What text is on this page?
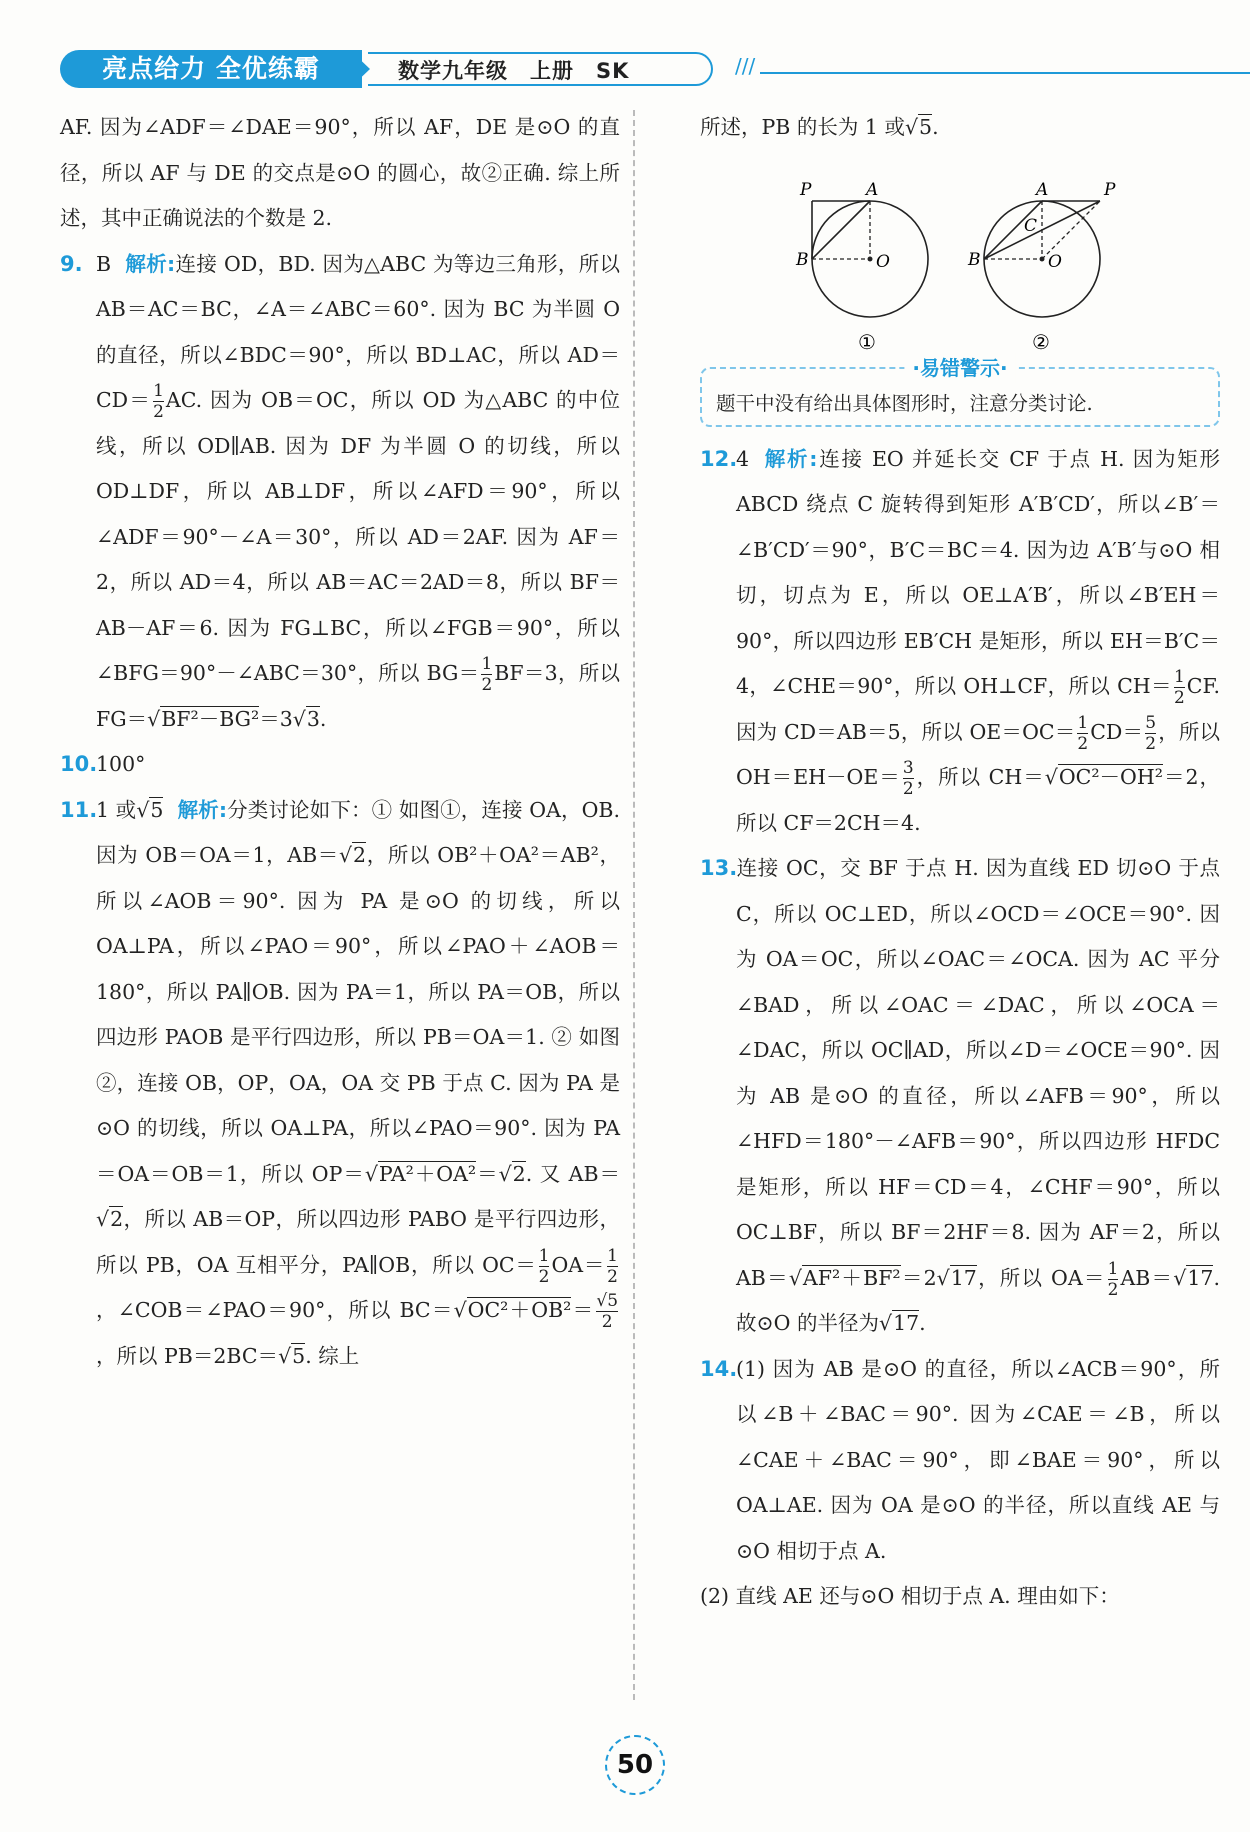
亮点给力 全优练霸	数学九年级　上册　SK	///

AF. 因为∠ADF＝∠DAE＝90°，所以 AF，DE 是⊙O 的直径，所以 AF 与 DE 的交点是⊙O 的圆心，故②正确. 综上所述，其中正确说法的个数是 2.

9. B 解析:连接 OD，BD. 因为△ABC 为等边三角形，所以 AB＝AC＝BC，∠A＝∠ABC＝60°. 因为 BC 为半圆 O 的直径，所以∠BDC＝90°，所以 BD⊥AC，所以 $AD=CD= \frac{1}{2}$ AC. 因为 OB＝OC，所以 OD 为△ABC 的中位线，所以 OD∥AB. 因为 DF 为半圆 O 的切线，所以 OD⊥DF，所以 AB⊥DF，所以∠AFD＝90°，所以∠ADF＝90°－∠A＝30°，所以 AD＝2AF. 因为 AF＝2，所以 AD＝4，所以 AB＝AC＝2AD＝8，所以 BF＝AB－AF＝6. 因为 FG⊥BC，所以∠FGB＝90°，所以∠BFG＝90°－∠ABC＝30°，所以 $BG= \frac{1}{2} BF=3$，所以 FG＝√BF²－BG²＝3√3.

10.100°

11.1 或√5 解析:分类讨论如下：① 如图①，连接 OA，OB. 因为 OB＝OA＝1，AB＝√2，所以 OB²＋OA²＝AB²，所以∠AOB＝90°. 因为 PA 是⊙O 的切线，所以 OA⊥PA，所以∠PAO＝90°，所以∠PAO＋∠AOB＝180°，所以 PA∥OB. 因为 PA＝1，所以 PA＝OB，所以四边形 PAOB 是平行四边形，所以 PB＝OA＝1. ② 如图②，连接 OB，OP，OA，OA 交 PB 于点 C. 因为 PA 是⊙O 的切线，所以 OA⊥PA，所以∠PAO＝90°. 因为 PA＝OA＝OB＝1，所以 OP＝√PA²＋OA²＝√2. 又 AB＝√2，所以 AB＝OP，所以四边形 PABO 是平行四边形，所以 PB，OA 互相平分，PA∥OB，所以 $OC= \frac{1}{2} OA= \frac{1}{2}$
，∠COB＝∠PAO＝90°，所以 $BC=√OC^2+OB^2= \frac{√5}{2}$
，所以 PB＝2BC＝√5. 综上

所述，PB 的长为 1 或√5.

P	A
B	O
①
A	P
C
B	O
②
·易错警示·
题干中没有给出具体图形时，注意分类讨论.

12.4 解析:连接 EO 并延长交 CF 于点 H. 因为矩形 ABCD 绕点 C 旋转得到矩形 A′B′CD′，所以∠B′＝∠B′CD′＝90°，B′C＝BC＝4. 因为边 A′B′与⊙O 相切，切点为 E，所以 OE⊥A′B′，所以∠B′EH＝90°，所以四边形 EB′CH 是矩形，所以 EH＝B′C＝4，∠CHE＝90°，所以 OH⊥CF，所以 $CH= \frac{1}{2}$ CF. 因为 CD＝AB＝5，所以 $OE=OC= \frac{1}{2} CD= \frac{5}{2}$ ，所以 $OH=EH-OE= \frac{3}{2}$ ，所以 CH＝√OC²－OH²＝2，所以 CF＝2CH＝4.

13.连接 OC，交 BF 于点 H. 因为直线 ED 切⊙O 于点 C，所以 OC⊥ED，所以∠OCD＝∠OCE＝90°. 因为 OA＝OC，所以∠OAC＝∠OCA. 因为 AC 平分∠BAD，所以∠OAC＝∠DAC，所以∠OCA＝∠DAC，所以 OC∥AD，所以∠D＝∠OCE＝90°. 因为 AB 是⊙O 的直径，所以∠AFB＝90°，所以∠HFD＝180°－∠AFB＝90°，所以四边形 HFDC 是矩形，所以 HF＝CD＝4，∠CHF＝90°，所以 OC⊥BF，所以 BF＝2HF＝8. 因为 AF＝2，所以 AB＝√AF²＋BF²＝2√17，所以 $OA= \frac{1}{2} AB=√17$. 故⊙O 的半径为√17.

14.(1) 因为 AB 是⊙O 的直径，所以∠ACB＝90°，所以∠B＋∠BAC＝90°. 因为∠CAE＝∠B，所以∠CAE＋∠BAC＝90°，即∠BAE＝90°，所以 OA⊥AE. 因为 OA 是⊙O 的半径，所以直线 AE 与⊙O 相切于点 A.

(2) 直线 AE 还与⊙O 相切于点 A. 理由如下：

50
